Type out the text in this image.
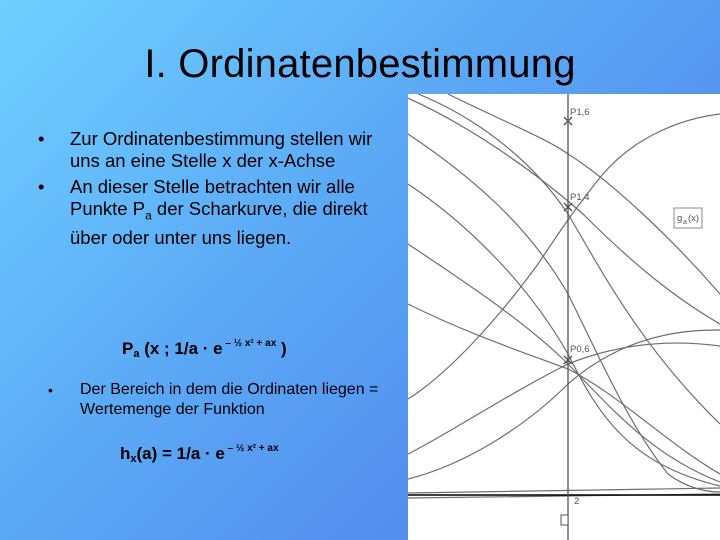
I. Ordinatenbestimmung
• Zur Ordinatenbestimmung stellen wir uns an eine Stelle x der x-Achse
• An dieser Stelle betrachten wir alle Punkte $P_a$ der Scharkurve, die direkt über oder unter uns liegen.
$P_a$ (x ; 1/a · e $^{- \frac{1}{2} x^2 + ax}$ )
• Der Bereich in dem die Ordinaten liegen = Wertemenge der Funktion
$h_x(a) = 1/a \cdot e$ $^{- \frac{1}{2} x^2 + ax}$
P1,6
P1,4
P0,6
g a (x)
2
